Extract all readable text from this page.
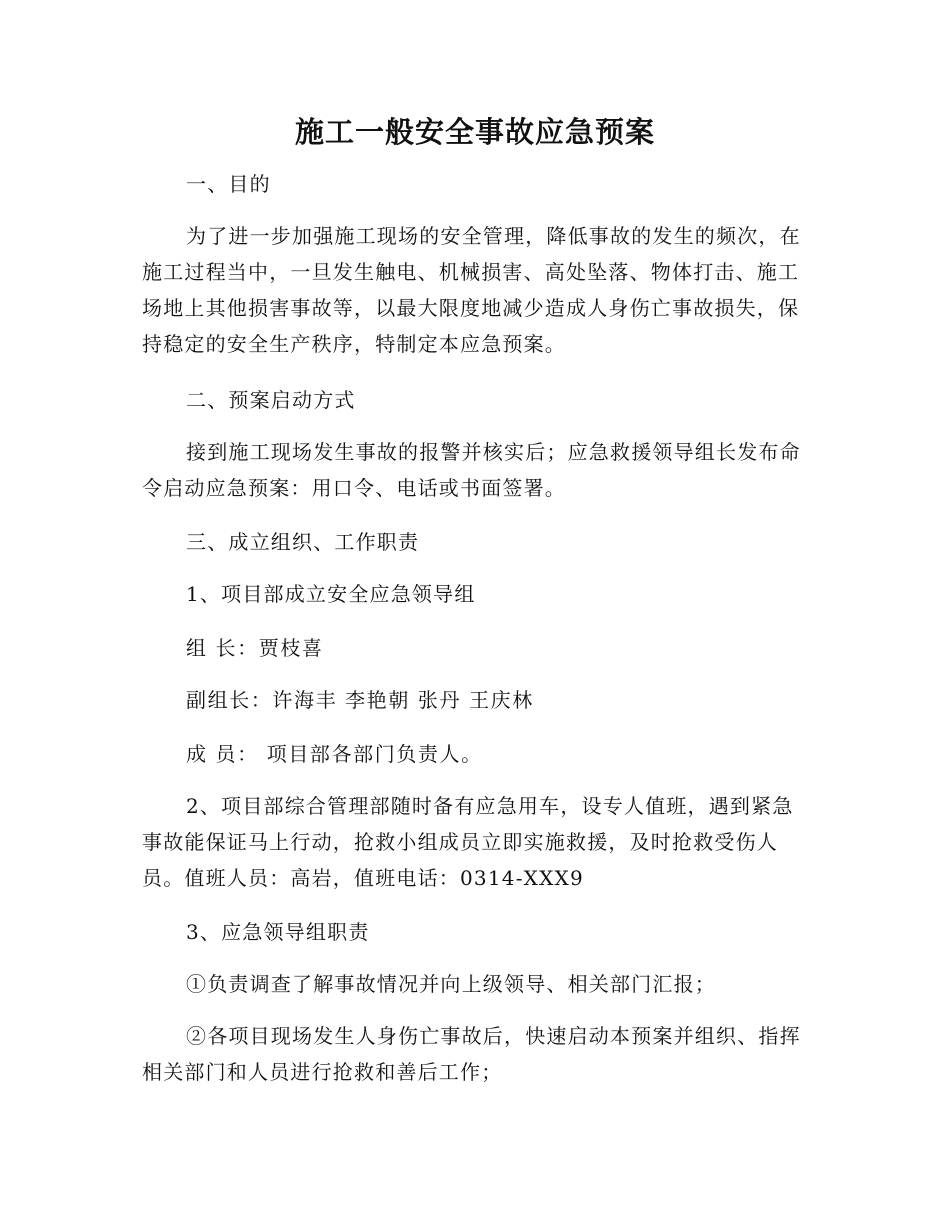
施工一般安全事故应急预案
一、目的
为了进一步加强施工现场的安全管理，降低事故的发生的频次，在施工过程当中，一旦发生触电、机械损害、高处坠落、物体打击、施工场地上其他损害事故等，以最大限度地减少造成人身伤亡事故损失，保持稳定的安全生产秩序，特制定本应急预案。
二、预案启动方式
接到施工现场发生事故的报警并核实后；应急救援领导组长发布命令启动应急预案：用口令、电话或书面签署。
三、成立组织、工作职责
1、项目部成立安全应急领导组
组 长：贾枝喜
副组长：许海丰 李艳朝 张丹 王庆林
成 员： 项目部各部门负责人。
2、项目部综合管理部随时备有应急用车，设专人值班，遇到紧急事故能保证马上行动，抢救小组成员立即实施救援，及时抢救受伤人员。值班人员：高岩，值班电话：0314-XXX9
3、应急领导组职责
①负责调查了解事故情况并向上级领导、相关部门汇报；
②各项目现场发生人身伤亡事故后，快速启动本预案并组织、指挥相关部门和人员进行抢救和善后工作；
